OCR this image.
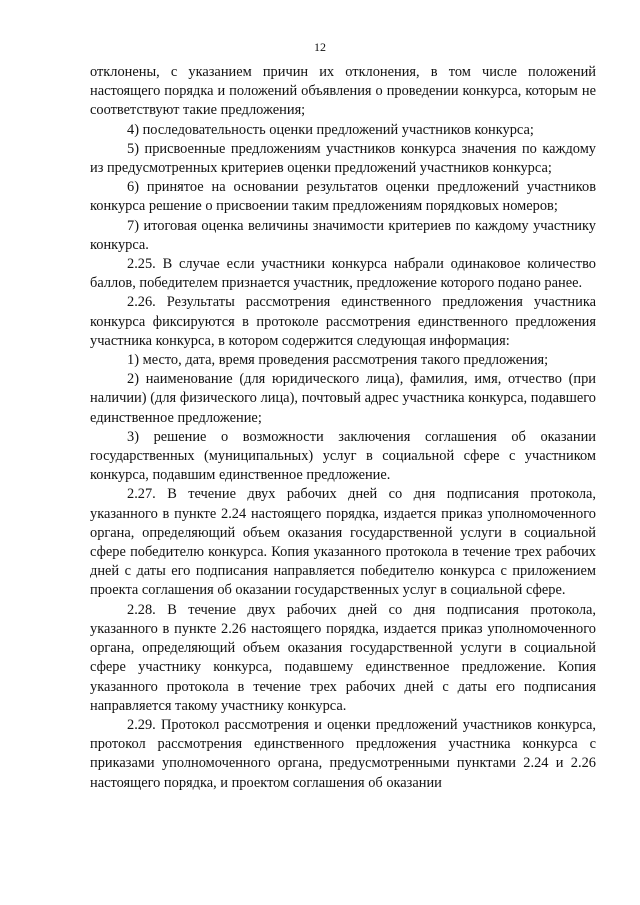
12

отклонены, с указанием причин их отклонения, в том числе положений настоящего порядка и положений объявления о проведении конкурса, которым не соответствуют такие предложения;

4) последовательность оценки предложений участников конкурса;

5) присвоенные предложениям участников конкурса значения по каждому из предусмотренных критериев оценки предложений участников конкурса;

6) принятое на основании результатов оценки предложений участников конкурса решение о присвоении таким предложениям порядковых номеров;

7) итоговая оценка величины значимости критериев по каждому участнику конкурса.

2.25. В случае если участники конкурса набрали одинаковое количество баллов, победителем признается участник, предложение которого подано ранее.

2.26. Результаты рассмотрения единственного предложения участника конкурса фиксируются в протоколе рассмотрения единственного предложения участника конкурса, в котором содержится следующая информация:

1) место, дата, время проведения рассмотрения такого предложения;

2) наименование (для юридического лица), фамилия, имя, отчество (при наличии) (для физического лица), почтовый адрес участника конкурса, подавшего единственное предложение;

3) решение о возможности заключения соглашения об оказании государственных (муниципальных) услуг в социальной сфере с участником конкурса, подавшим единственное предложение.

2.27. В течение двух рабочих дней со дня подписания протокола, указанного в пункте 2.24 настоящего порядка, издается приказ уполномоченного органа, определяющий объем оказания государственной услуги в социальной сфере победителю конкурса. Копия указанного протокола в течение трех рабочих дней с даты его подписания направляется победителю конкурса с приложением проекта соглашения об оказании государственных услуг в социальной сфере.

2.28. В течение двух рабочих дней со дня подписания протокола, указанного в пункте 2.26 настоящего порядка, издается приказ уполномоченного органа, определяющий объем оказания государственной услуги в социальной сфере участнику конкурса, подавшему единственное предложение. Копия указанного протокола в течение трех рабочих дней с даты его подписания направляется такому участнику конкурса.

2.29. Протокол рассмотрения и оценки предложений участников конкурса, протокол рассмотрения единственного предложения участника конкурса с приказами уполномоченного органа, предусмотренными пунктами 2.24 и 2.26 настоящего порядка, и проектом соглашения об оказании
